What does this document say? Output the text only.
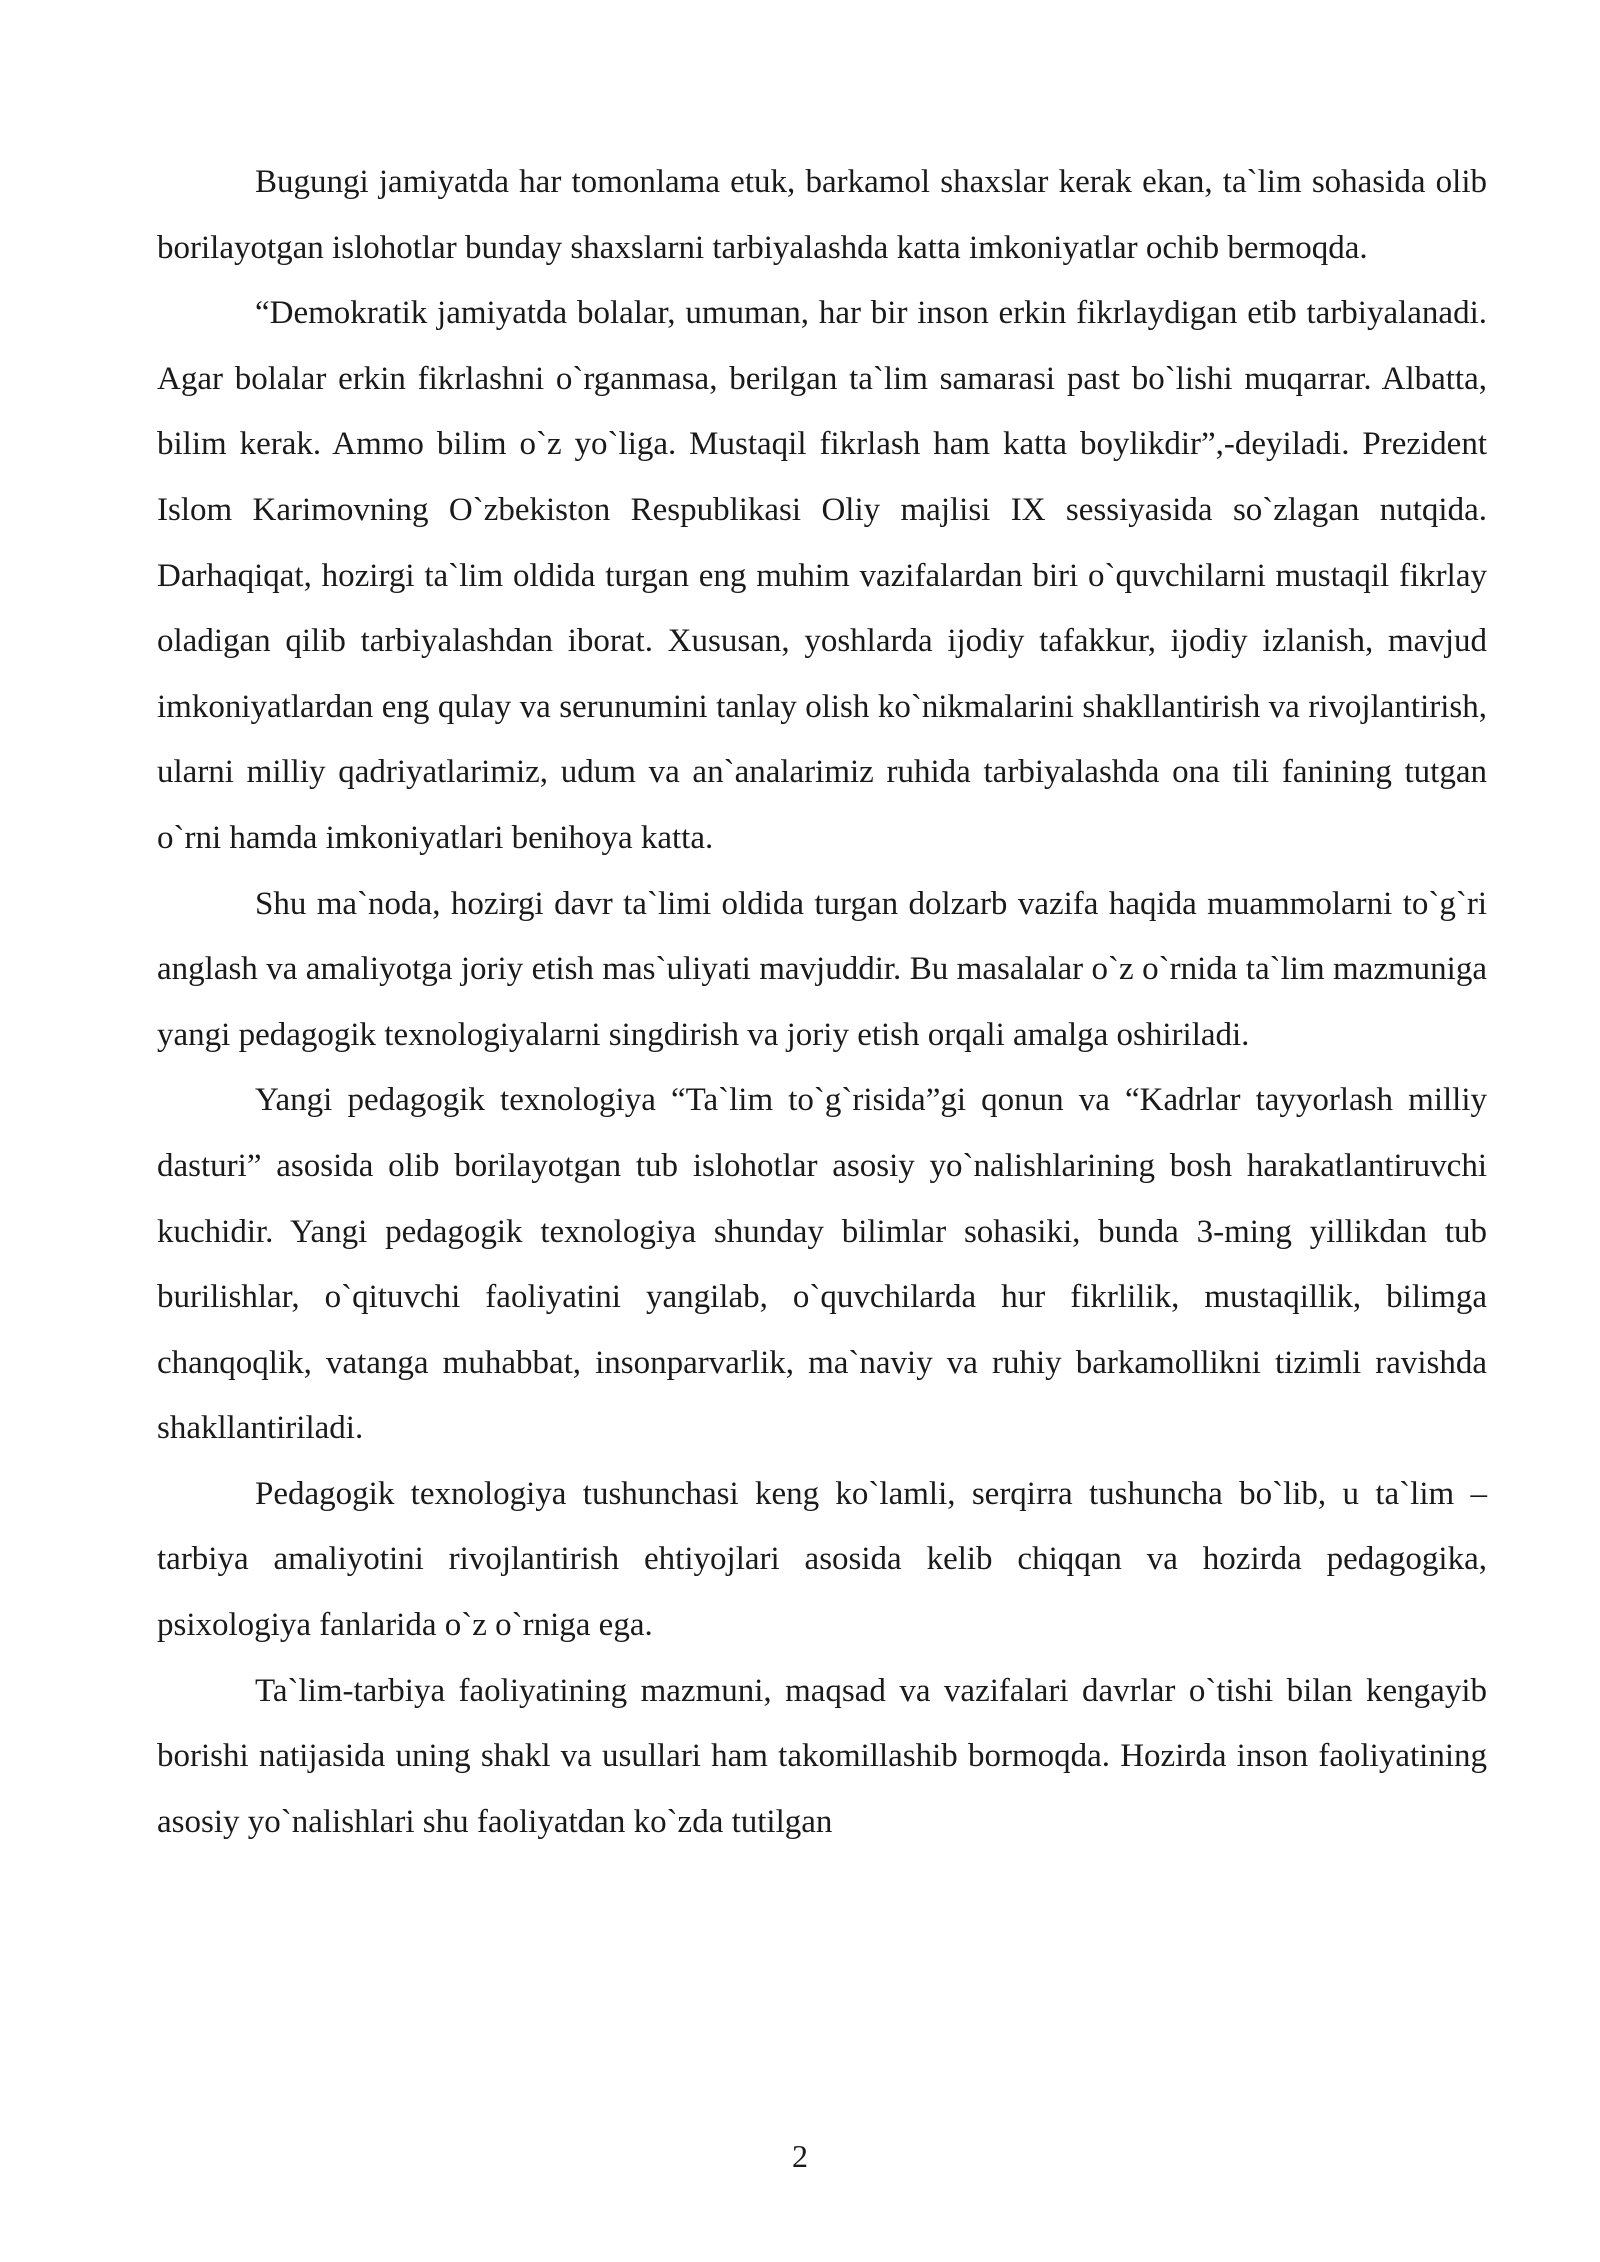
Bugungi jamiyatda har tomonlama etuk, barkamol shaxslar kerak ekan, ta`lim sohasida olib borilayotgan islohotlar bunday shaxslarni tarbiyalashda katta imkoniyatlar ochib bermoqda.

“Demokratik jamiyatda bolalar, umuman, har bir inson erkin fikrlaydigan etib tarbiyalanadi. Agar bolalar erkin fikrlashni o`rganmasa, berilgan ta`lim samarasi past bo`lishi muqarrar. Albatta, bilim kerak. Ammo bilim o`z yo`liga. Mustaqil fikrlash ham katta boylikdir”,-deyiladi. Prezident Islom Karimovning O`zbekiston Respublikasi Oliy majlisi IX sessiyasida so`zlagan nutqida. Darhaqiqat, hozirgi ta`lim oldida turgan eng muhim vazifalardan biri o`quvchilarni mustaqil fikrlay oladigan qilib tarbiyalashdan iborat. Xususan, yoshlarda ijodiy tafakkur, ijodiy izlanish, mavjud imkoniyatlardan eng qulay va serunumini tanlay olish ko`nikmalarini shakllantirish va rivojlantirish, ularni milliy qadriyatlarimiz, udum va an`analarimiz ruhida tarbiyalashda ona tili fanining tutgan o`rni hamda imkoniyatlari benihoya katta.

Shu ma`noda, hozirgi davr ta`limi oldida turgan dolzarb vazifa haqida muammolarni to`g`ri anglash va amaliyotga joriy etish mas`uliyati mavjuddir. Bu masalalar o`z o`rnida ta`lim mazmuniga yangi pedagogik texnologiyalarni singdirish va joriy etish orqali amalga oshiriladi.

Yangi pedagogik texnologiya “Ta`lim to`g`risida”gi qonun va “Kadrlar tayyorlash milliy dasturi” asosida olib borilayotgan tub islohotlar asosiy yo`nalishlarining bosh harakatlantiruvchi kuchidir. Yangi pedagogik texnologiya shunday bilimlar sohasiki, bunda 3-ming yillikdan tub burilishlar, o`qituvchi faoliyatini yangilab, o`quvchilarda hur fikrlilik, mustaqillik, bilimga chanqoqlik, vatanga muhabbat, insonparvarlik, ma`naviy va ruhiy barkamollikni tizimli ravishda shakllantiriladi.

Pedagogik texnologiya tushunchasi keng ko`lamli, serqirra tushuncha bo`lib, u ta`lim – tarbiya amaliyotini rivojlantirish ehtiyojlari asosida kelib chiqqan va hozirda pedagogika, psixologiya fanlarida o`z o`rniga ega.

Ta`lim-tarbiya faoliyatining mazmuni, maqsad va vazifalari davrlar o`tishi bilan kengayib borishi natijasida uning shakl va usullari ham takomillashib bormoqda. Hozirda inson faoliyatining asosiy yo`nalishlari shu faoliyatdan ko`zda tutilgan

2
